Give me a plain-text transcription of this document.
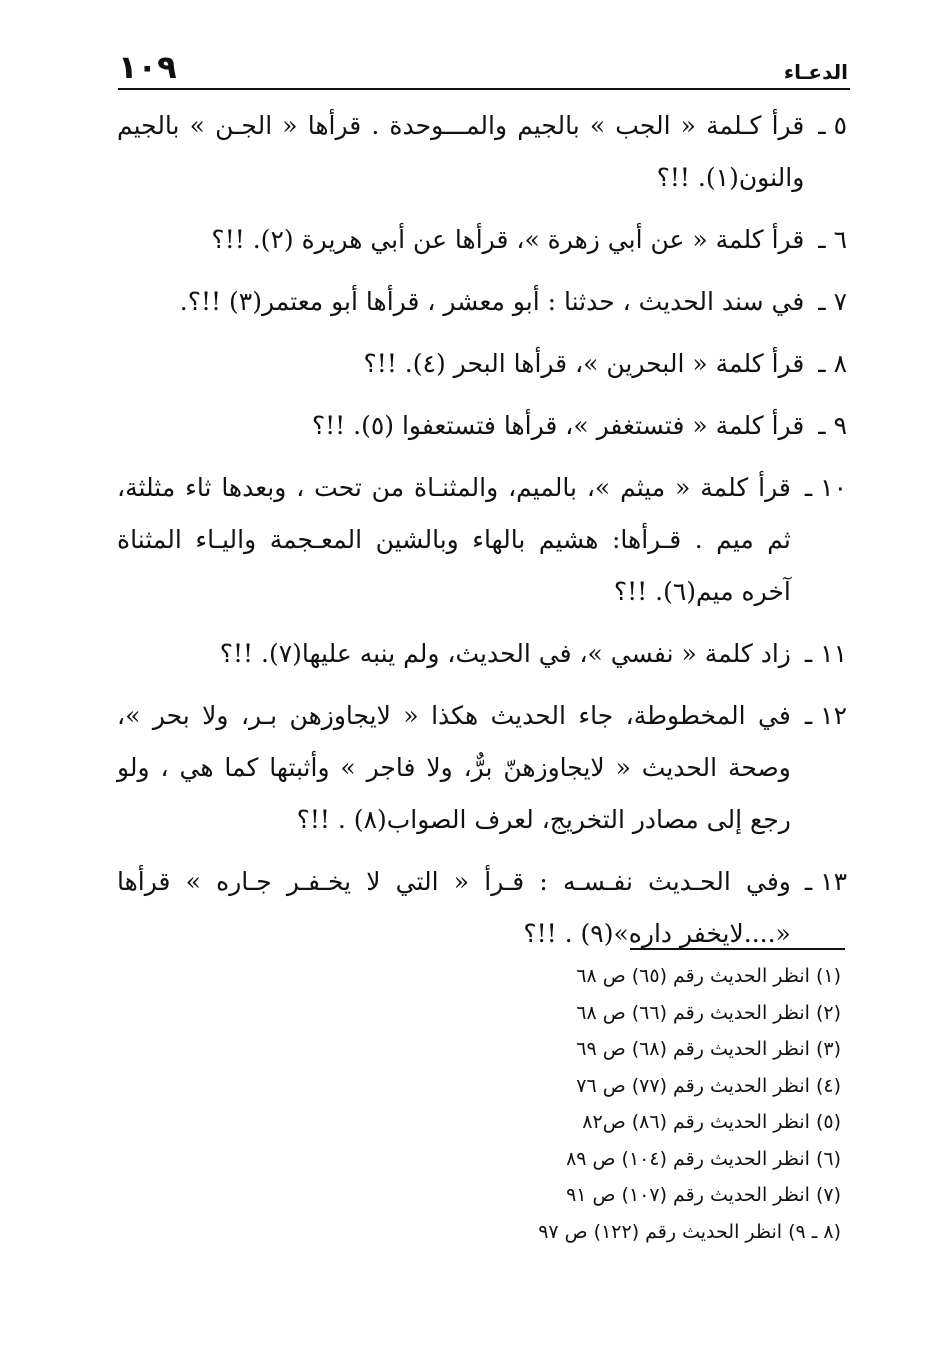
١٠٩	الدعـاء
٥ ـ
قرأ كـلمة « الجب » بالجيم والمـــوحدة . قرأها « الجـن » بالجيم والنون(١). !!؟
٦ ـ
قرأ كلمة « عن أبي زهرة »، قرأها عن أبي هريرة (٢). !!؟
٧ ـ
في سند الحديث ، حدثنا : أبو معشر ، قرأها أبو معتمر(٣) !!؟.
٨ ـ
قرأ كلمة « البحرين »، قرأها البحر (٤). !!؟
٩ ـ
قرأ كلمة « فتستغفر »، قرأها فتستعفوا (٥). !!؟
١٠ ـ
قرأ كلمة « ميثم »، بالميم، والمثنـاة من تحت ، وبعدها ثاء مثلثة، ثم ميم . قـرأها: هشيم بالهاء وبالشين المعـجمة واليـاء المثناة آخره ميم(٦). !!؟
١١ ـ
زاد كلمة « نفسي »، في الحديث، ولم ينبه عليها(٧). !!؟
١٢ ـ
في المخطوطة، جاء الحديث هكذا « لايجاوزهن بـر، ولا بحر »، وصحة الحديث « لايجاوزهنّ برٌّ، ولا فاجر » وأثبتها كما هي ، ولو رجع إلى مصادر التخريج، لعرف الصواب(٨) . !!؟
١٣ ـ
وفي الحـديث نفـسـه : قـرأ « التي لا يخـفـر جـاره » قرأها «....لايخفر داره»(٩) . !!؟
(١) انظر الحديث رقم (٦٥) ص ٦٨
(٢) انظر الحديث رقم (٦٦) ص ٦٨
(٣) انظر الحديث رقم (٦٨) ص ٦٩
(٤) انظر الحديث رقم (٧٧) ص ٧٦
(٥) انظر الحديث رقم (٨٦) ص٨٢
(٦) انظر الحديث رقم (١٠٤) ص ٨٩
(٧) انظر الحديث رقم (١٠٧) ص ٩١
(٨ ـ ٩) انظر الحديث رقم (١٢٢) ص ٩٧
